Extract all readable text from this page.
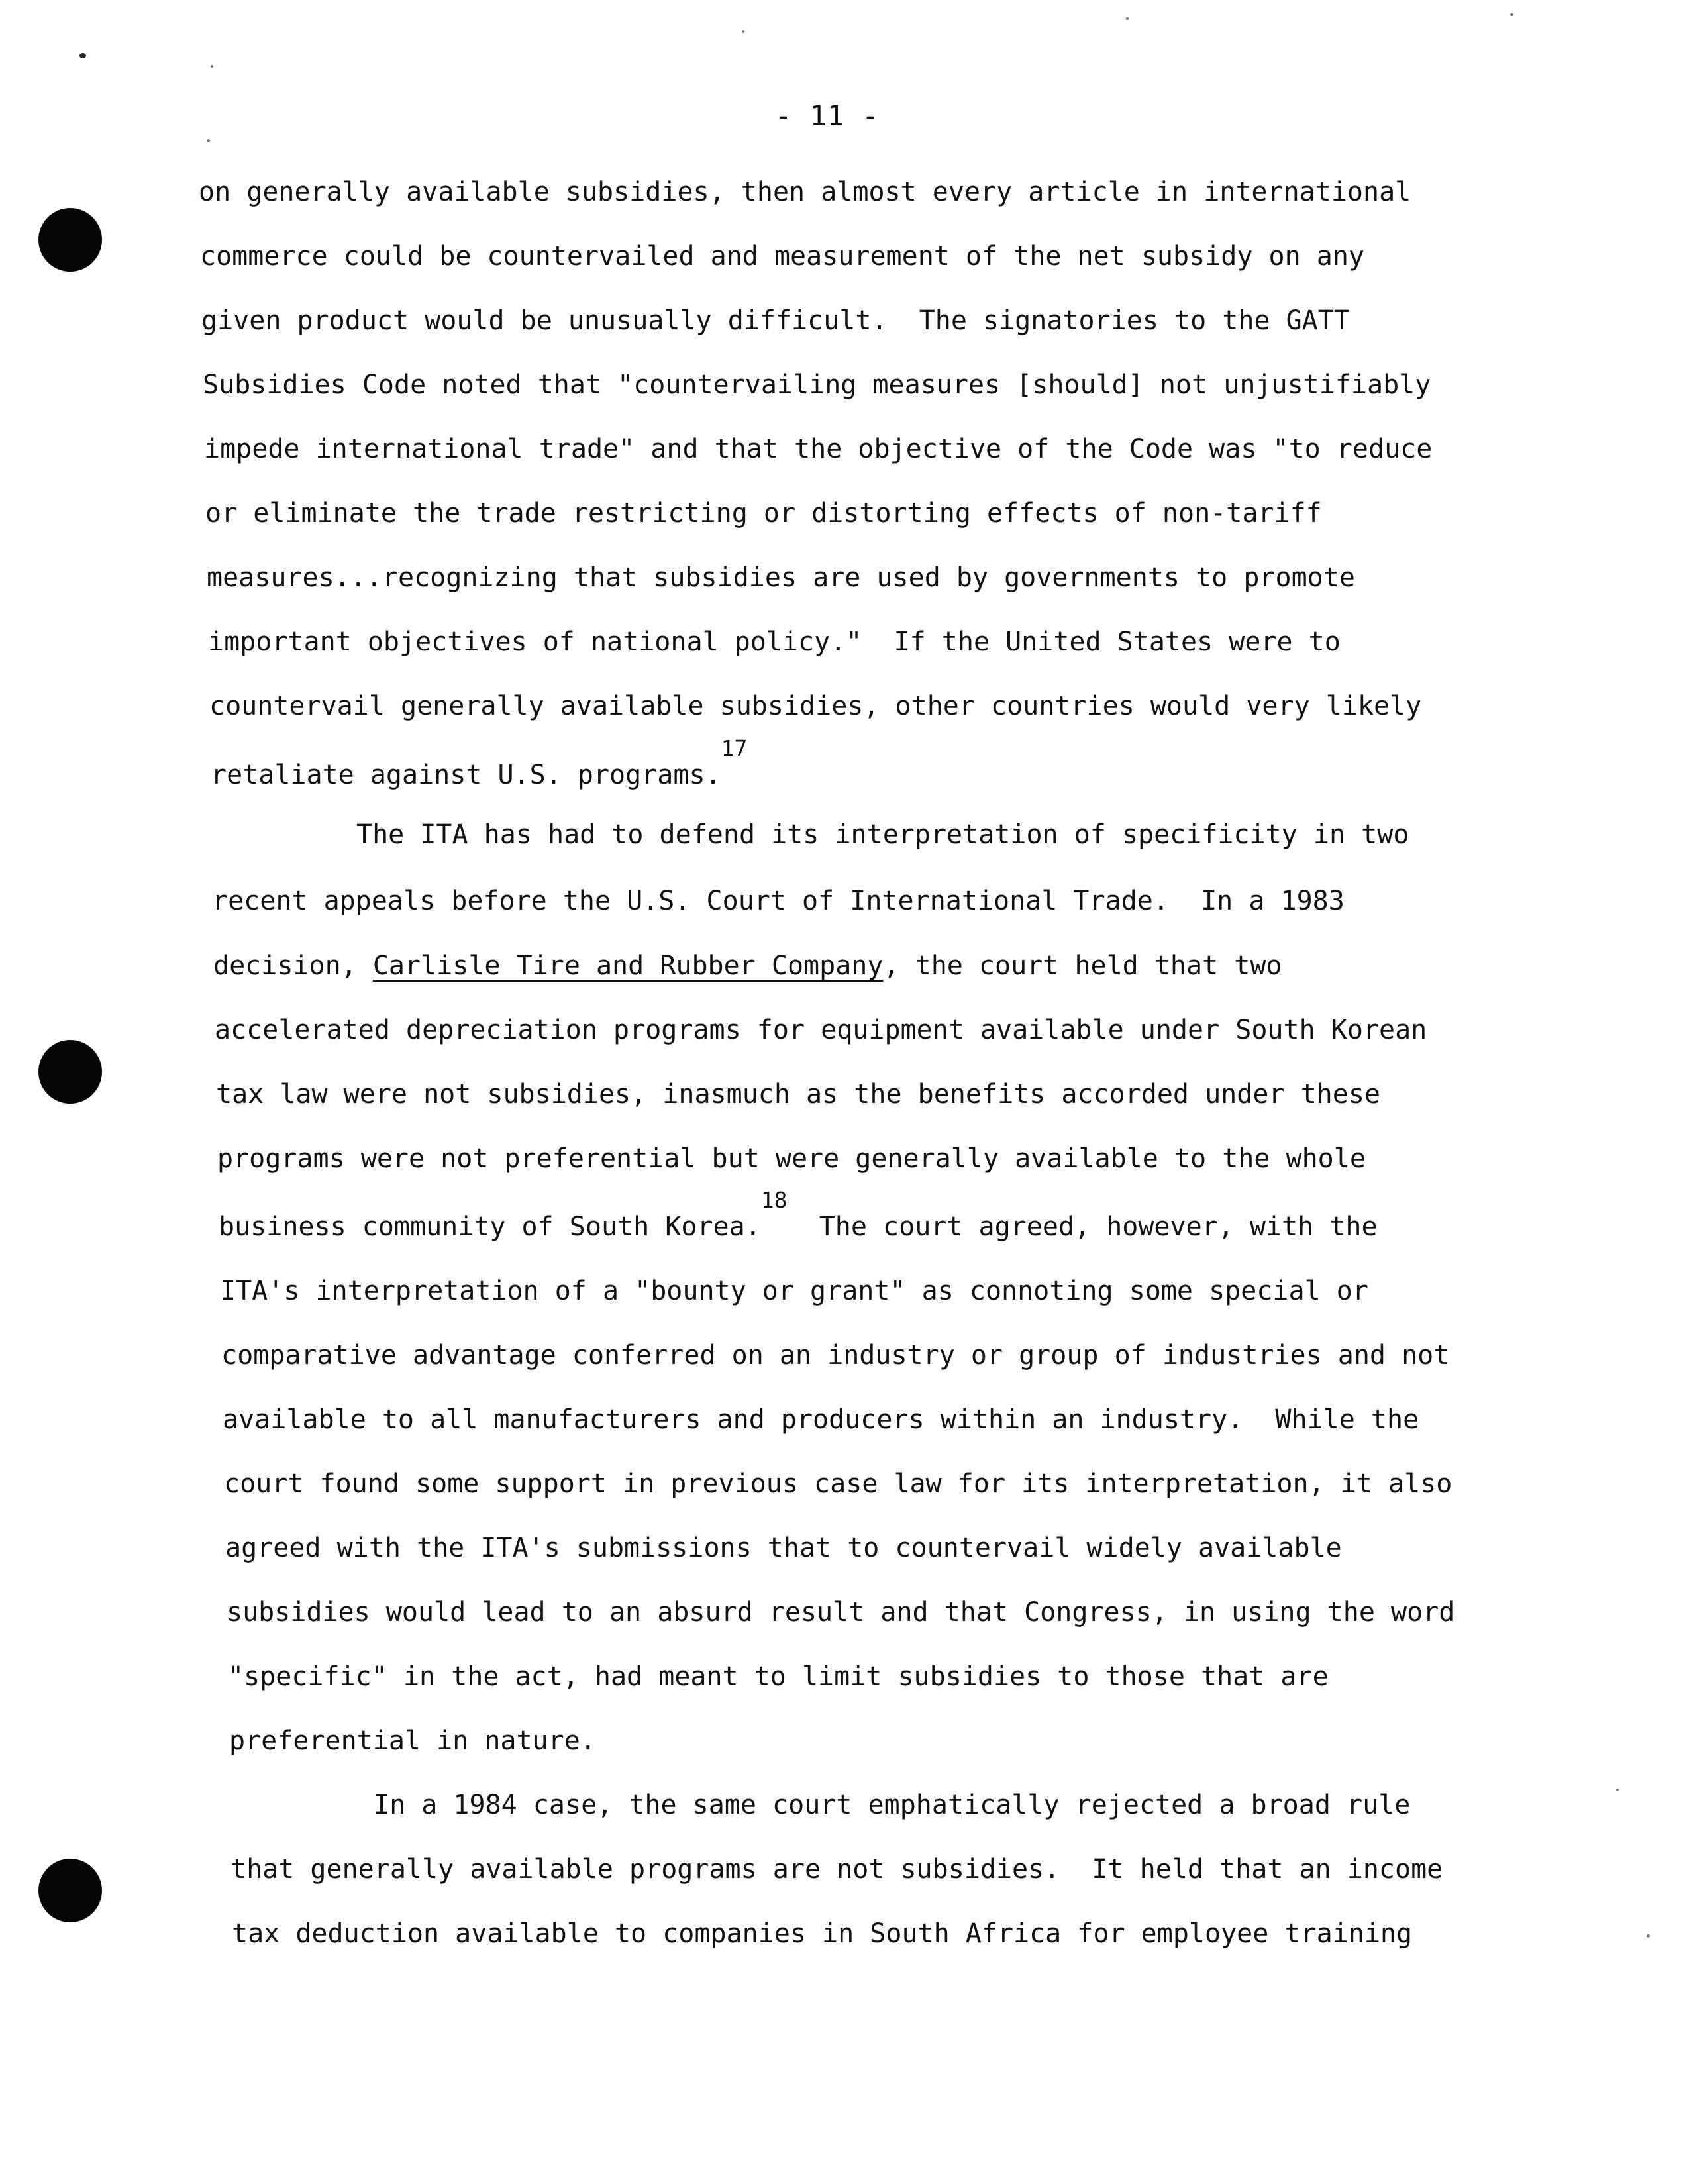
- 11 -
on generally available subsidies, then almost every article in international
commerce could be countervailed and measurement of the net subsidy on any
given product would be unusually difficult.  The signatories to the GATT
Subsidies Code noted that "countervailing measures [should] not unjustifiably
impede international trade" and that the objective of the Code was "to reduce
or eliminate the trade restricting or distorting effects of non-tariff
measures...recognizing that subsidies are used by governments to promote
important objectives of national policy."  If the United States were to
countervail generally available subsidies, other countries would very likely
retaliate against U.S. programs.$^{17}$
The ITA has had to defend its interpretation of specificity in two
recent appeals before the U.S. Court of International Trade.  In a 1983
decision, Carlisle Tire and Rubber Company, the court held that two
accelerated depreciation programs for equipment available under South Korean
tax law were not subsidies, inasmuch as the benefits accorded under these
programs were not preferential but were generally available to the whole
business community of South Korea.$^{18}$  The court agreed, however, with the
ITA's interpretation of a "bounty or grant" as connoting some special or
comparative advantage conferred on an industry or group of industries and not
available to all manufacturers and producers within an industry.  While the
court found some support in previous case law for its interpretation, it also
agreed with the ITA's submissions that to countervail widely available
subsidies would lead to an absurd result and that Congress, in using the word
"specific" in the act, had meant to limit subsidies to those that are
preferential in nature.
In a 1984 case, the same court emphatically rejected a broad rule
that generally available programs are not subsidies.  It held that an income
tax deduction available to companies in South Africa for employee training
